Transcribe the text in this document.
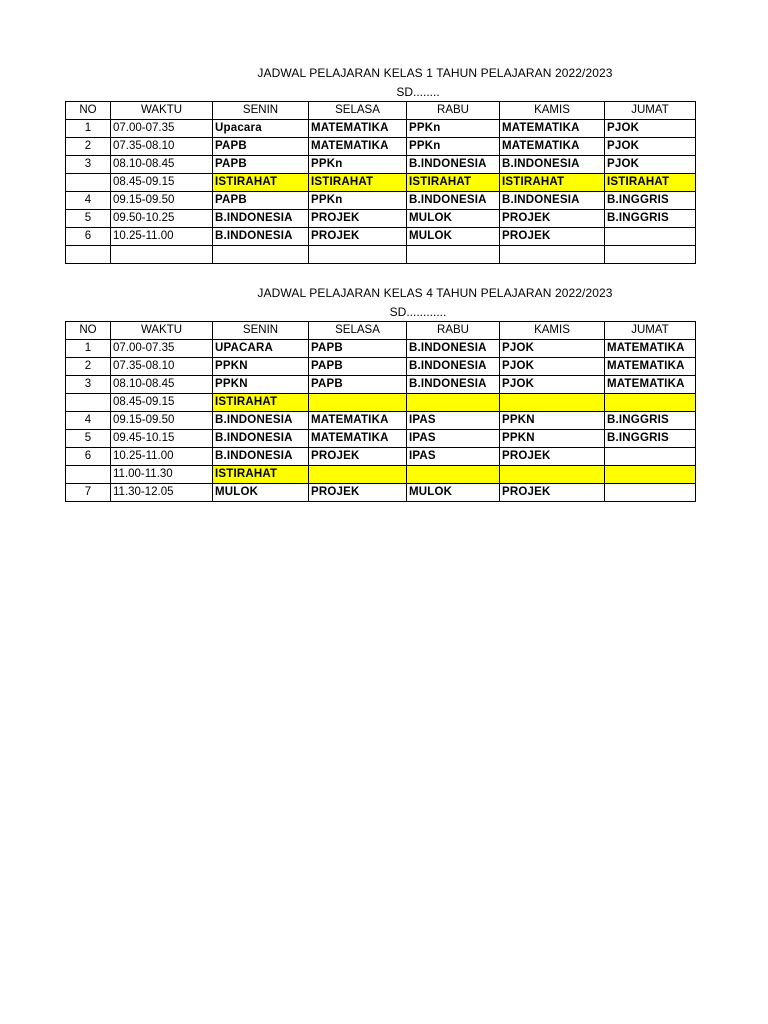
JADWAL PELAJARAN KELAS 1 TAHUN PELAJARAN 2022/2023
SD........
NO	WAKTU	SENIN	SELASA	RABU	KAMIS	JUMAT
1	07.00-07.35	Upacara	MATEMATIKA	PPKn	MATEMATIKA	PJOK
2	07.35-08.10	PAPB	MATEMATIKA	PPKn	MATEMATIKA	PJOK
3	08.10-08.45	PAPB	PPKn	B.INDONESIA	B.INDONESIA	PJOK
	08.45-09.15	ISTIRAHAT	ISTIRAHAT	ISTIRAHAT	ISTIRAHAT	ISTIRAHAT
4	09.15-09.50	PAPB	PPKn	B.INDONESIA	B.INDONESIA	B.INGGRIS
5	09.50-10.25	B.INDONESIA	PROJEK	MULOK	PROJEK	B.INGGRIS
6	10.25-11.00	B.INDONESIA	PROJEK	MULOK	PROJEK	

JADWAL PELAJARAN KELAS 4 TAHUN PELAJARAN 2022/2023
SD............
NO	WAKTU	SENIN	SELASA	RABU	KAMIS	JUMAT
1	07.00-07.35	UPACARA	PAPB	B.INDONESIA	PJOK	MATEMATIKA
2	07.35-08.10	PPKN	PAPB	B.INDONESIA	PJOK	MATEMATIKA
3	08.10-08.45	PPKN	PAPB	B.INDONESIA	PJOK	MATEMATIKA
	08.45-09.15	ISTIRAHAT				
4	09.15-09.50	B.INDONESIA	MATEMATIKA	IPAS	PPKN	B.INGGRIS
5	09.45-10.15	B.INDONESIA	MATEMATIKA	IPAS	PPKN	B.INGGRIS
6	10.25-11.00	B.INDONESIA	PROJEK	IPAS	PROJEK	
	11.00-11.30	ISTIRAHAT				
7	11.30-12.05	MULOK	PROJEK	MULOK	PROJEK	
